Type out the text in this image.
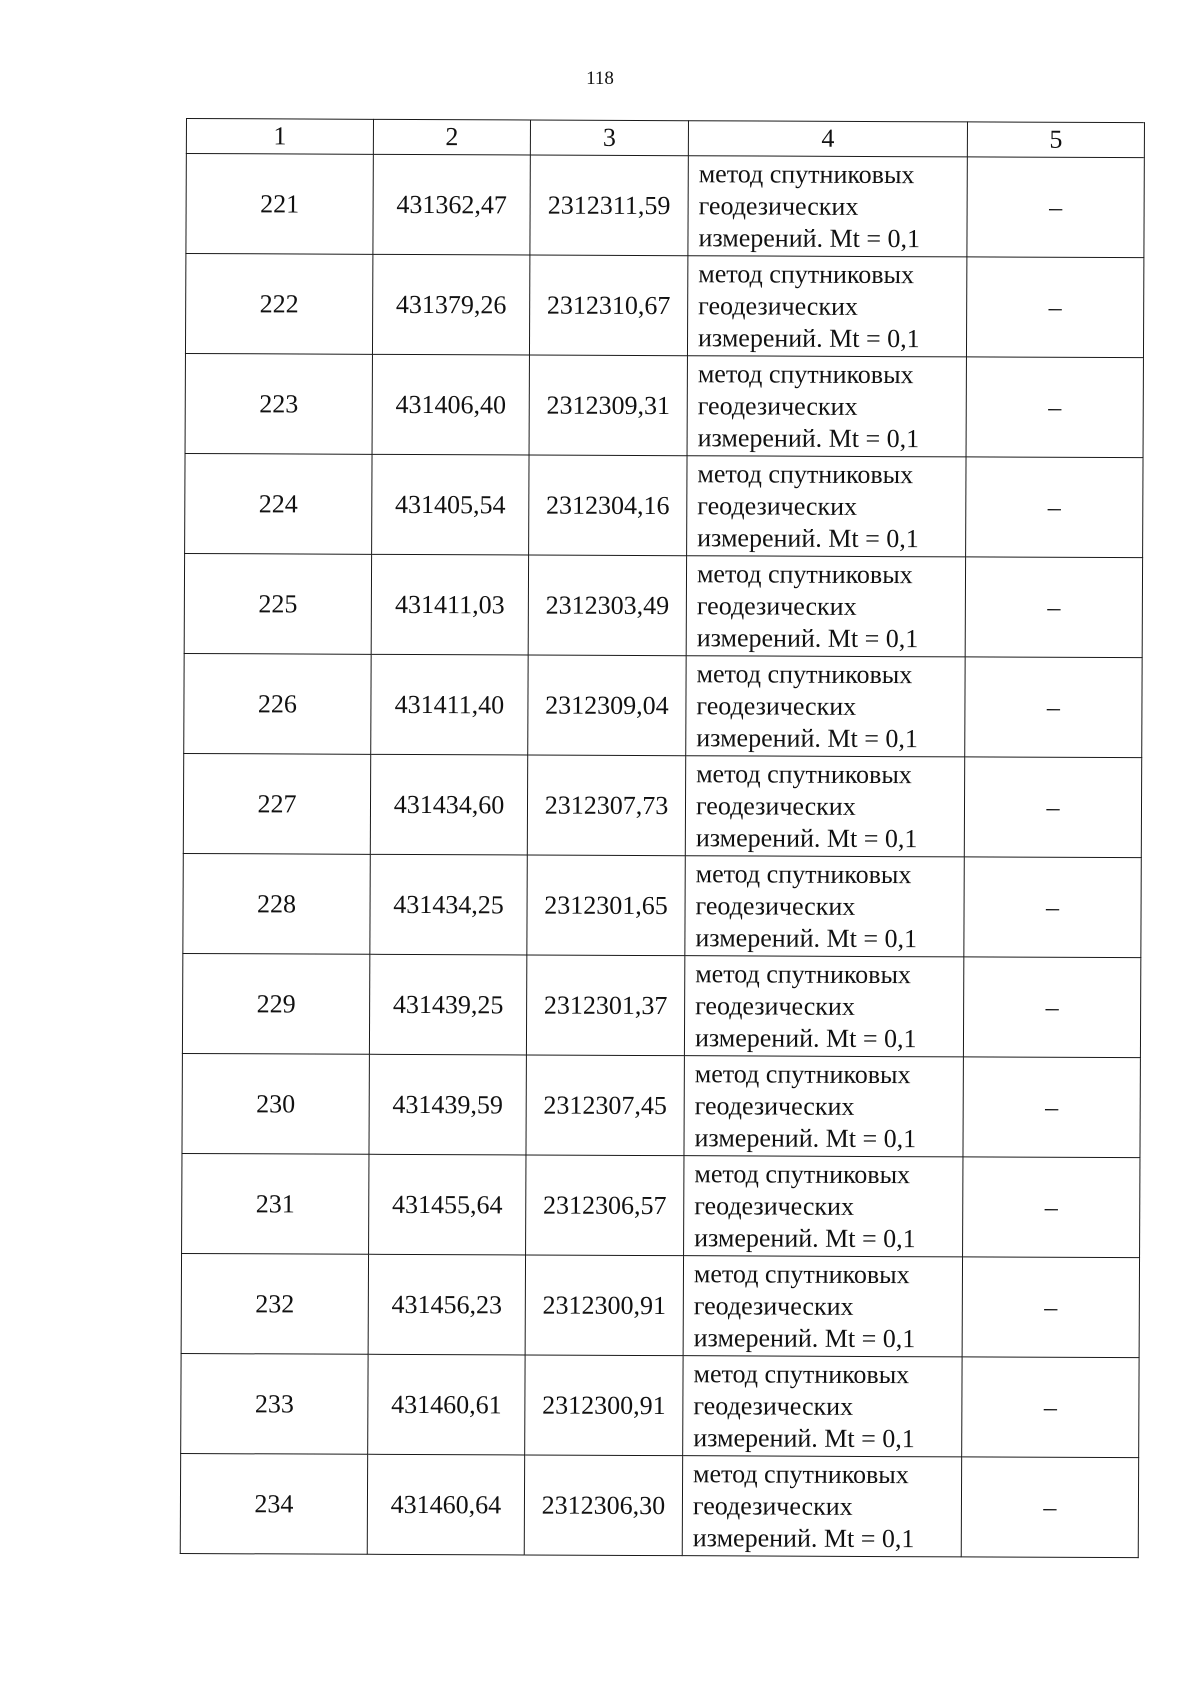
118
1	2	3	4	5
221	431362,47	2312311,59	метод спутниковых
геодезических
измерений. Mt = 0,1	–
222	431379,26	2312310,67	метод спутниковых
геодезических
измерений. Mt = 0,1	–
223	431406,40	2312309,31	метод спутниковых
геодезических
измерений. Mt = 0,1	–
224	431405,54	2312304,16	метод спутниковых
геодезических
измерений. Mt = 0,1	–
225	431411,03	2312303,49	метод спутниковых
геодезических
измерений. Mt = 0,1	–
226	431411,40	2312309,04	метод спутниковых
геодезических
измерений. Mt = 0,1	–
227	431434,60	2312307,73	метод спутниковых
геодезических
измерений. Mt = 0,1	–
228	431434,25	2312301,65	метод спутниковых
геодезических
измерений. Mt = 0,1	–
229	431439,25	2312301,37	метод спутниковых
геодезических
измерений. Mt = 0,1	–
230	431439,59	2312307,45	метод спутниковых
геодезических
измерений. Mt = 0,1	–
231	431455,64	2312306,57	метод спутниковых
геодезических
измерений. Mt = 0,1	–
232	431456,23	2312300,91	метод спутниковых
геодезических
измерений. Mt = 0,1	–
233	431460,61	2312300,91	метод спутниковых
геодезических
измерений. Mt = 0,1	–
234	431460,64	2312306,30	метод спутниковых
геодезических
измерений. Mt = 0,1	–
